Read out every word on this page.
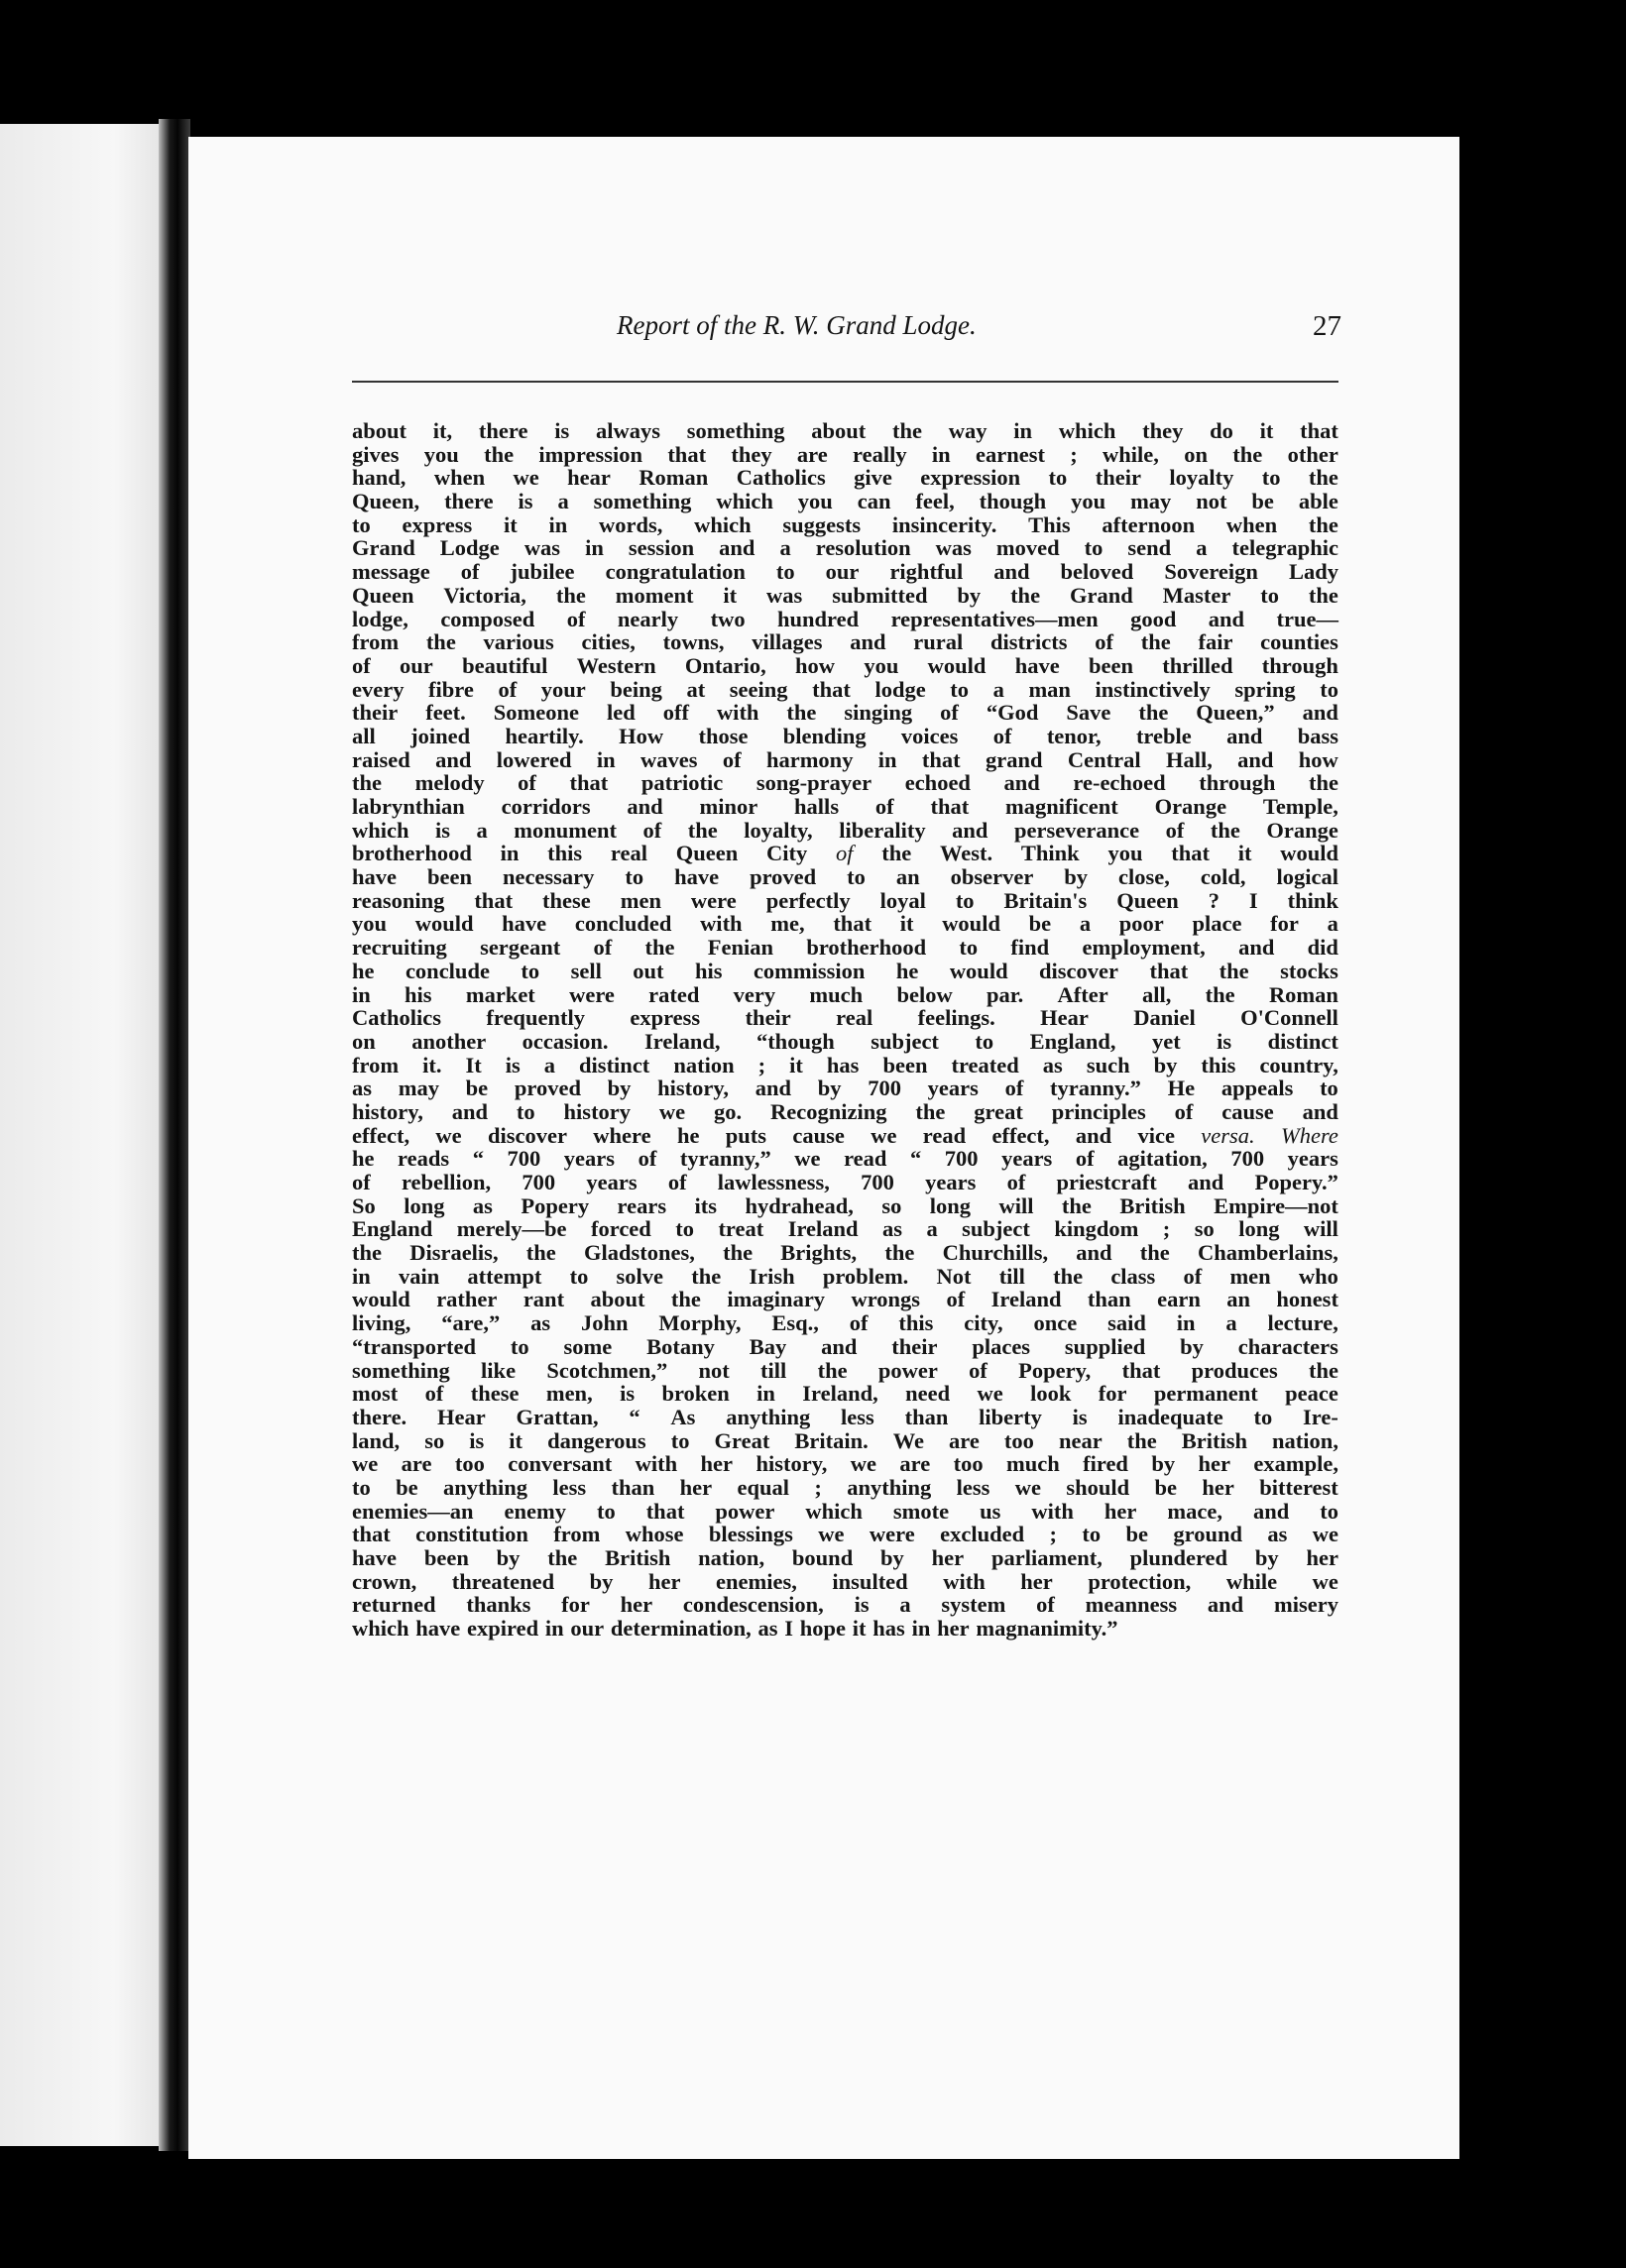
Report of the R. W. Grand Lodge.	27
about it, there is always something about the way in which they do it that
gives you the impression that they are really in earnest ; while, on the other
hand, when we hear Roman Catholics give expression to their loyalty to the
Queen, there is a something which you can feel, though you may not be able
to express it in words, which suggests insincerity. This afternoon when the
Grand Lodge was in session and a resolution was moved to send a telegraphic
message of jubilee congratulation to our rightful and beloved Sovereign Lady
Queen Victoria, the moment it was submitted by the Grand Master to the
lodge, composed of nearly two hundred representatives—men good and true—
from the various cities, towns, villages and rural districts of the fair counties
of our beautiful Western Ontario, how you would have been thrilled through
every fibre of your being at seeing that lodge to a man instinctively spring to
their feet. Someone led off with the singing of “God Save the Queen,” and
all joined heartily. How those blending voices of tenor, treble and bass
raised and lowered in waves of harmony in that grand Central Hall, and how
the melody of that patriotic song-prayer echoed and re-echoed through the
labrynthian corridors and minor halls of that magnificent Orange Temple,
which is a monument of the loyalty, liberality and perseverance of the Orange
brotherhood in this real Queen City of the West. Think you that it would
have been necessary to have proved to an observer by close, cold, logical
reasoning that these men were perfectly loyal to Britain's Queen ? I think
you would have concluded with me, that it would be a poor place for a
recruiting sergeant of the Fenian brotherhood to find employment, and did
he conclude to sell out his commission he would discover that the stocks
in his market were rated very much below par. After all, the Roman
Catholics frequently express their real feelings. Hear Daniel O'Connell
on another occasion. Ireland, “though subject to England, yet is distinct
from it. It is a distinct nation ; it has been treated as such by this country,
as may be proved by history, and by 700 years of tyranny.” He appeals to
history, and to history we go. Recognizing the great principles of cause and
effect, we discover where he puts cause we read effect, and vice versa. Where
he reads “ 700 years of tyranny,” we read “ 700 years of agitation, 700 years
of rebellion, 700 years of lawlessness, 700 years of priestcraft and Popery.”
So long as Popery rears its hydrahead, so long will the British Empire—not
England merely—be forced to treat Ireland as a subject kingdom ; so long will
the Disraelis, the Gladstones, the Brights, the Churchills, and the Chamberlains,
in vain attempt to solve the Irish problem. Not till the class of men who
would rather rant about the imaginary wrongs of Ireland than earn an honest
living, “are,” as John Morphy, Esq., of this city, once said in a lecture,
“transported to some Botany Bay and their places supplied by characters
something like Scotchmen,” not till the power of Popery, that produces the
most of these men, is broken in Ireland, need we look for permanent peace
there. Hear Grattan, “ As anything less than liberty is inadequate to Ire-
land, so is it dangerous to Great Britain. We are too near the British nation,
we are too conversant with her history, we are too much fired by her example,
to be anything less than her equal ; anything less we should be her bitterest
enemies—an enemy to that power which smote us with her mace, and to
that constitution from whose blessings we were excluded ; to be ground as we
have been by the British nation, bound by her parliament, plundered by her
crown, threatened by her enemies, insulted with her protection, while we
returned thanks for her condescension, is a system of meanness and misery
which have expired in our determination, as I hope it has in her magnanimity.”
